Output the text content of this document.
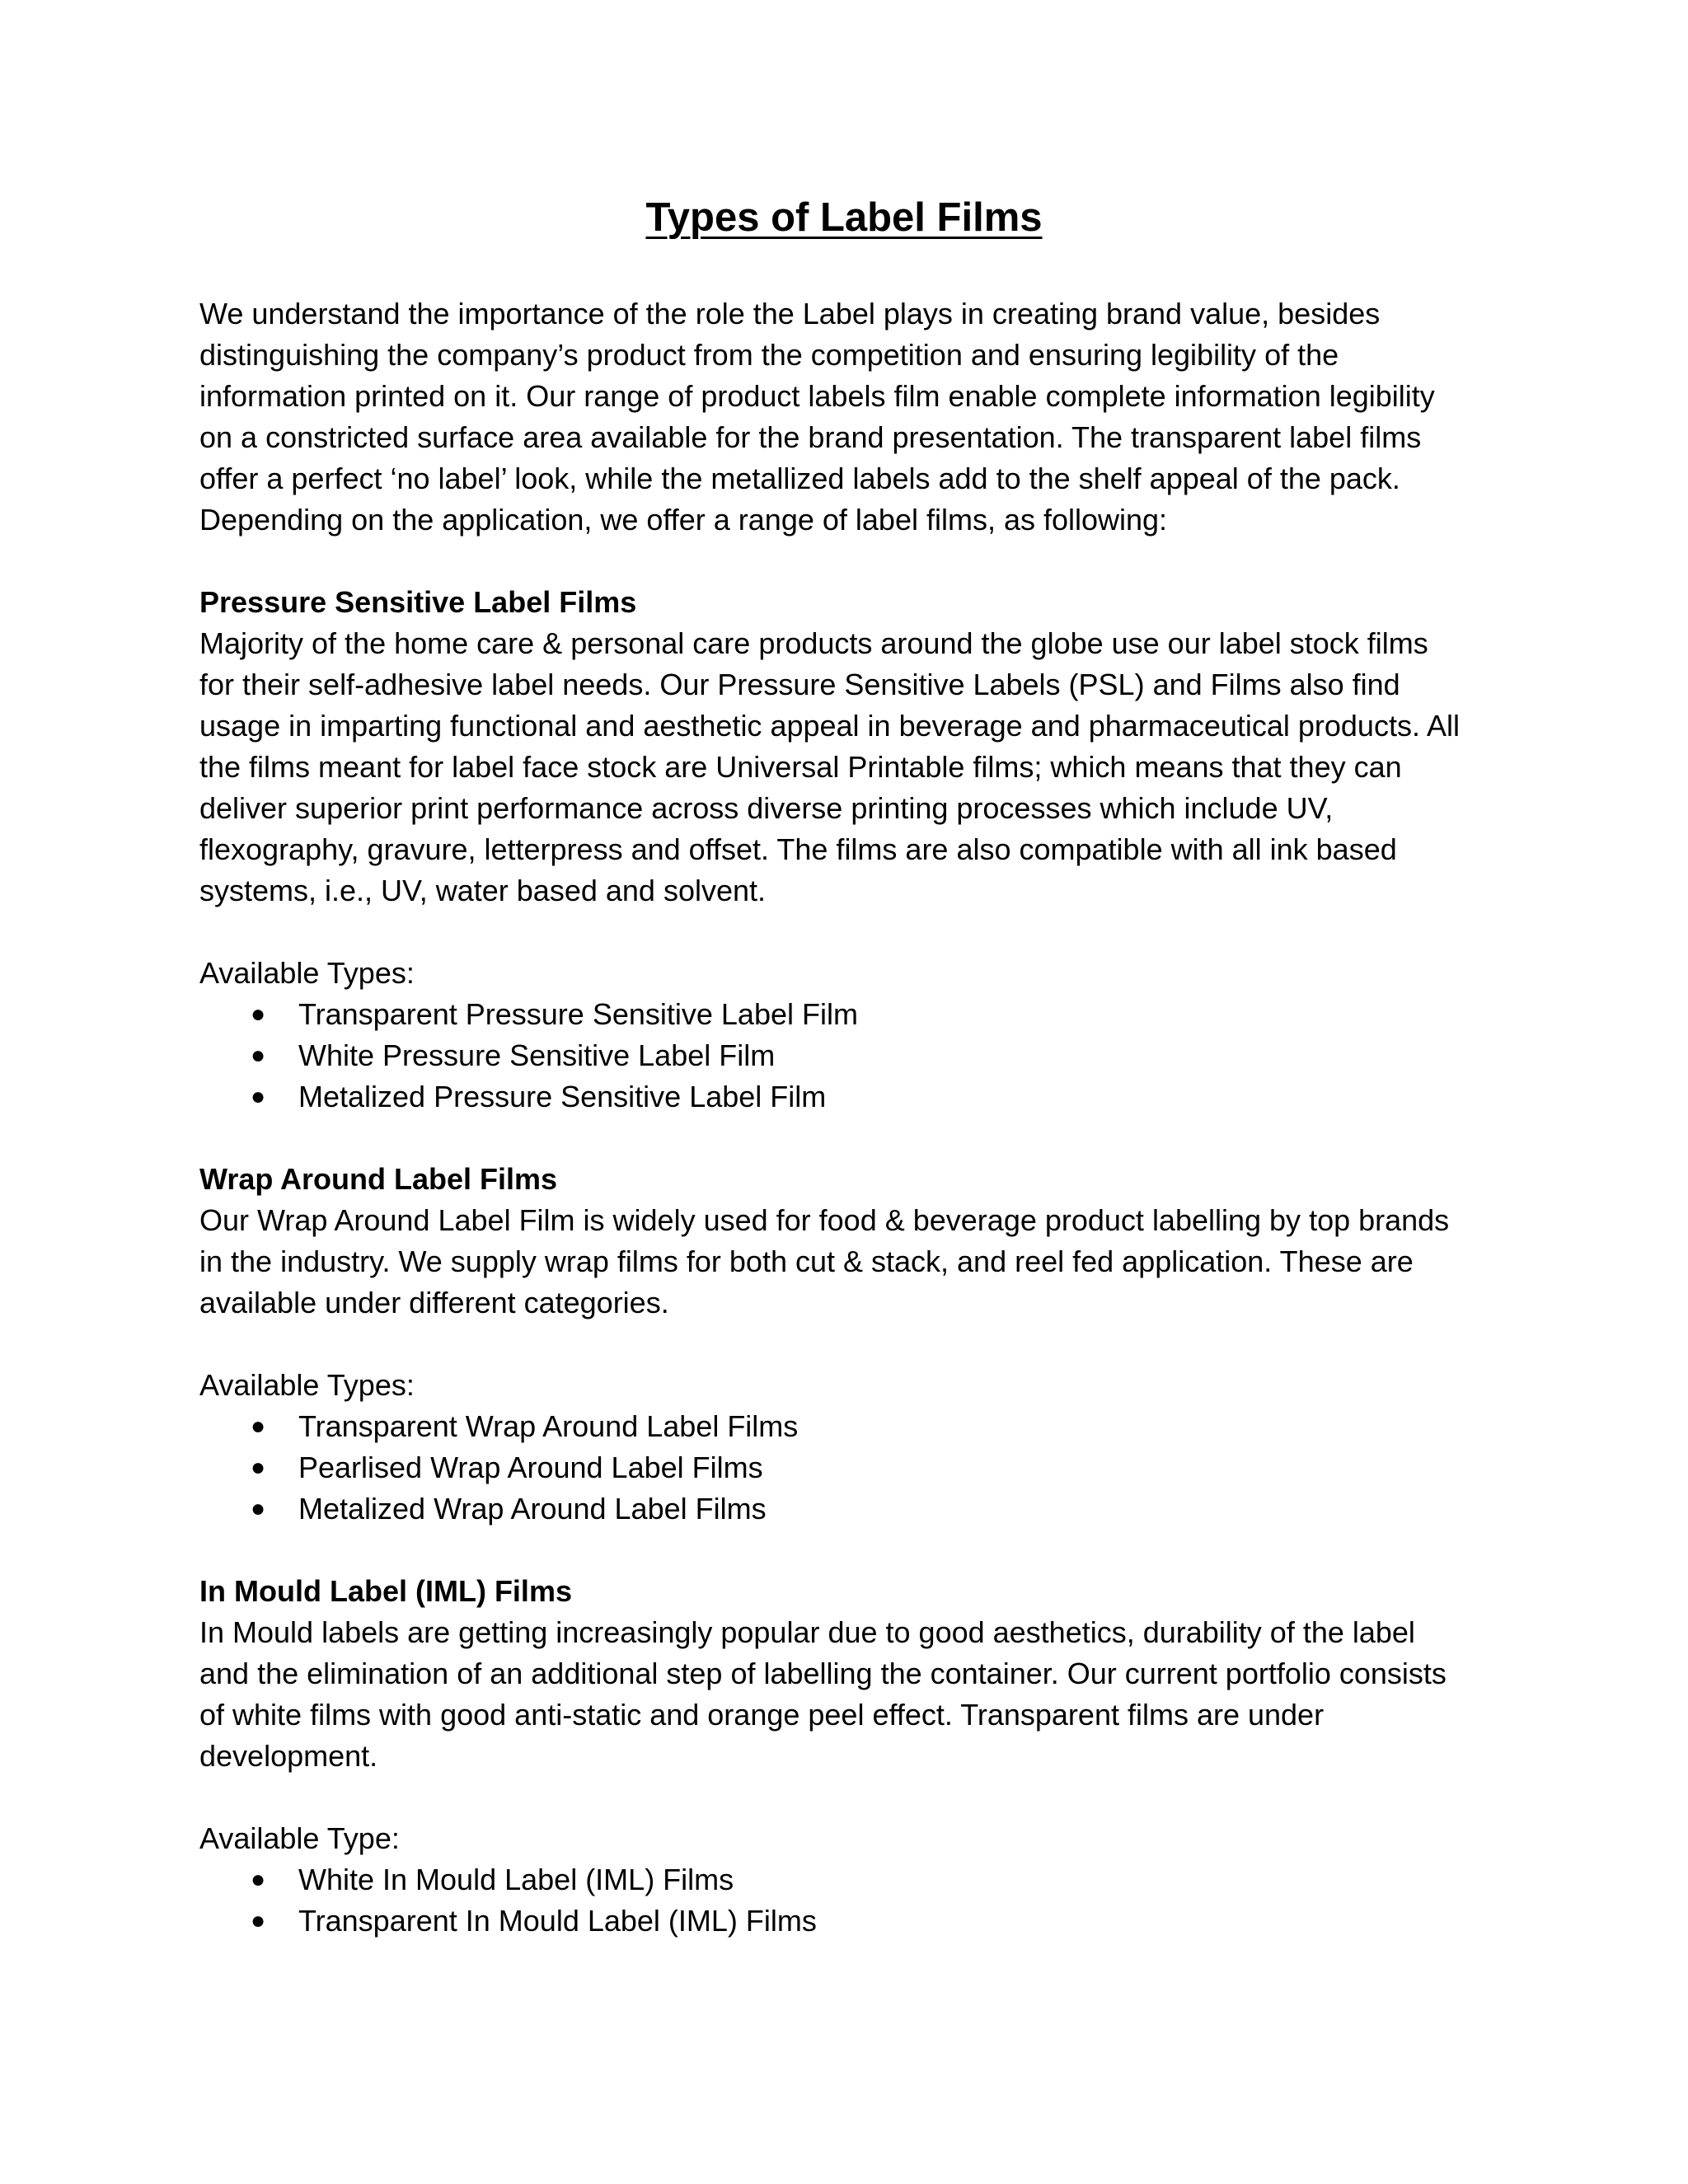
Types of Label Films

We understand the importance of the role the Label plays in creating brand value, besides
distinguishing the company’s product from the competition and ensuring legibility of the
information printed on it. Our range of product labels film enable complete information legibility
on a constricted surface area available for the brand presentation. The transparent label films
offer a perfect ‘no label’ look, while the metallized labels add to the shelf appeal of the pack.
Depending on the application, we offer a range of label films, as following:

Pressure Sensitive Label Films

Majority of the home care & personal care products around the globe use our label stock films
for their self-adhesive label needs. Our Pressure Sensitive Labels (PSL) and Films also find
usage in imparting functional and aesthetic appeal in beverage and pharmaceutical products. All
the films meant for label face stock are Universal Printable films; which means that they can
deliver superior print performance across diverse printing processes which include UV,
flexography, gravure, letterpress and offset. The films are also compatible with all ink based
systems, i.e., UV, water based and solvent.

Available Types:

● Transparent Pressure Sensitive Label Film
● White Pressure Sensitive Label Film
● Metalized Pressure Sensitive Label Film

Wrap Around Label Films

Our Wrap Around Label Film is widely used for food & beverage product labelling by top brands
in the industry. We supply wrap films for both cut & stack, and reel fed application. These are
available under different categories.

Available Types:

● Transparent Wrap Around Label Films
● Pearlised Wrap Around Label Films
● Metalized Wrap Around Label Films

In Mould Label (IML) Films

In Mould labels are getting increasingly popular due to good aesthetics, durability of the label
and the elimination of an additional step of labelling the container. Our current portfolio consists
of white films with good anti-static and orange peel effect. Transparent films are under
development.

Available Type:

● White In Mould Label (IML) Films
● Transparent In Mould Label (IML) Films
